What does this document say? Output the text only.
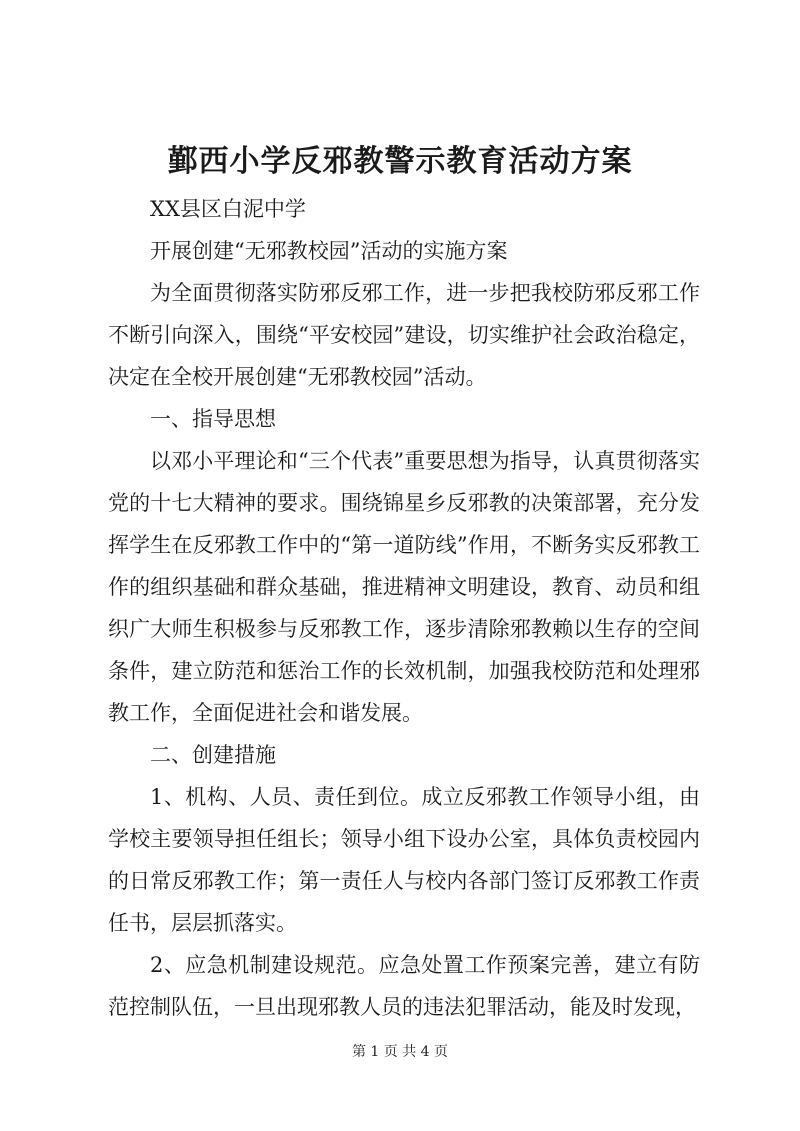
鄞西小学反邪教警示教育活动方案

XX县区白泥中学

开展创建“无邪教校园”活动的实施方案

为全面贯彻落实防邪反邪工作，进一步把我校防邪反邪工作不断引向深入，围绕“平安校园”建设，切实维护社会政治稳定，决定在全校开展创建“无邪教校园”活动。

一、指导思想

以邓小平理论和“三个代表”重要思想为指导，认真贯彻落实党的十七大精神的要求。围绕锦星乡反邪教的决策部署，充分发挥学生在反邪教工作中的“第一道防线”作用，不断务实反邪教工作的组织基础和群众基础，推进精神文明建设，教育、动员和组织广大师生积极参与反邪教工作，逐步清除邪教赖以生存的空间条件，建立防范和惩治工作的长效机制，加强我校防范和处理邪教工作，全面促进社会和谐发展。

二、创建措施

1、机构、人员、责任到位。成立反邪教工作领导小组，由学校主要领导担任组长；领导小组下设办公室，具体负责校园内的日常反邪教工作；第一责任人与校内各部门签订反邪教工作责任书，层层抓落实。

2、应急机制建设规范。应急处置工作预案完善，建立有防范控制队伍，一旦出现邪教人员的违法犯罪活动，能及时发现，

第 1 页 共 4 页
